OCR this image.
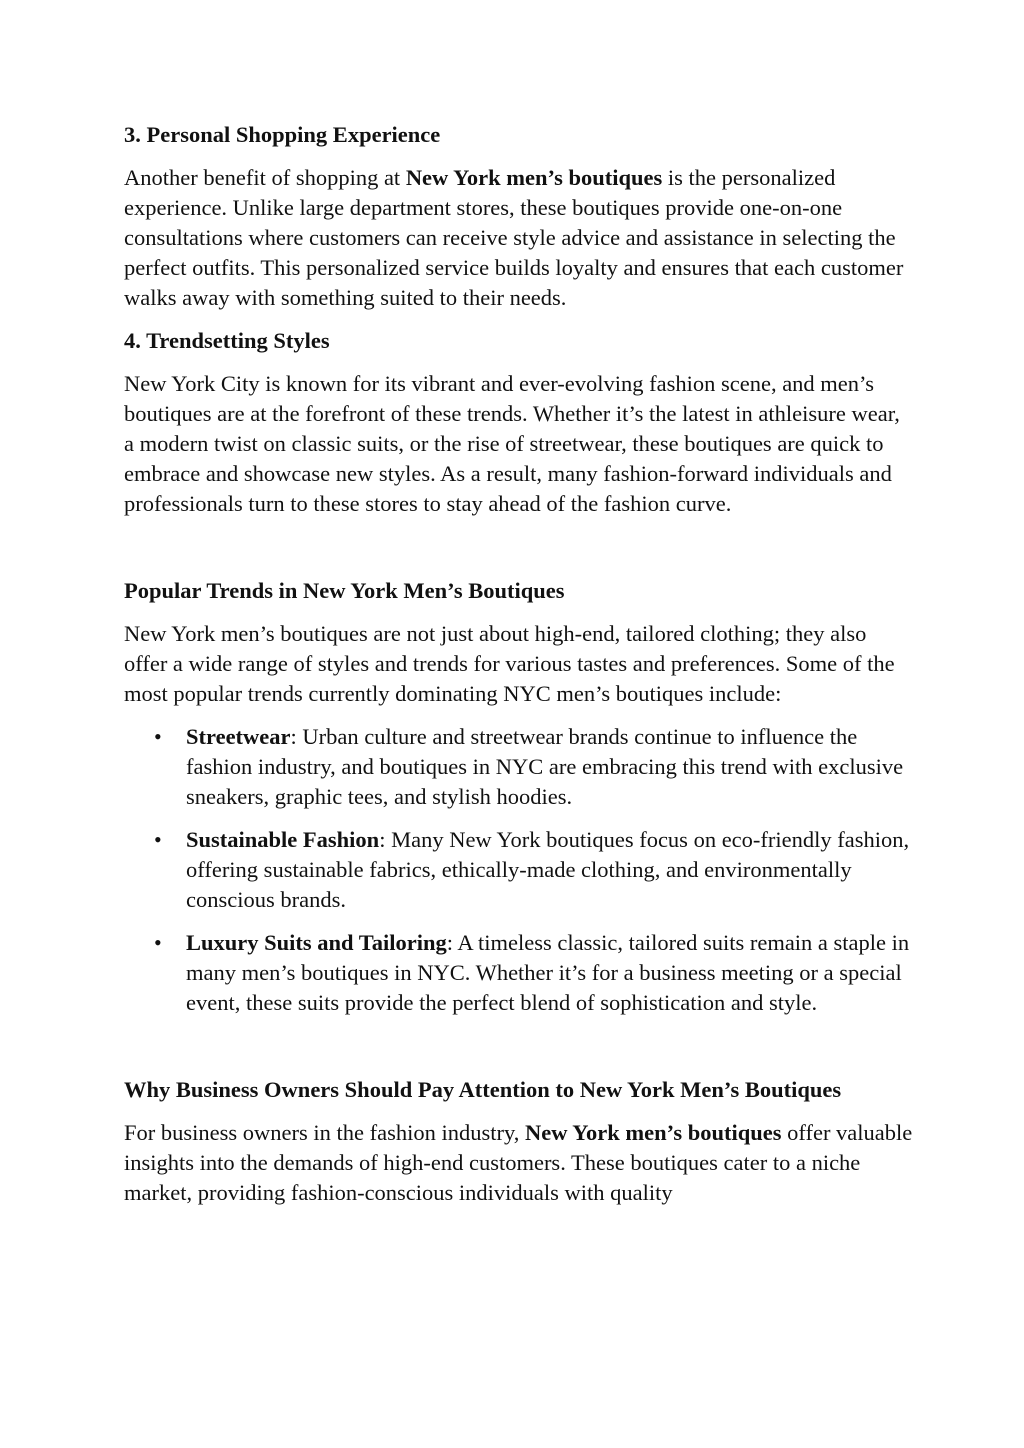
3. Personal Shopping Experience

Another benefit of shopping at New York men’s boutiques is the personalized experience. Unlike large department stores, these boutiques provide one-on-one consultations where customers can receive style advice and assistance in selecting the perfect outfits. This personalized service builds loyalty and ensures that each customer walks away with something suited to their needs.

4. Trendsetting Styles

New York City is known for its vibrant and ever-evolving fashion scene, and men’s boutiques are at the forefront of these trends. Whether it’s the latest in athleisure wear, a modern twist on classic suits, or the rise of streetwear, these boutiques are quick to embrace and showcase new styles. As a result, many fashion-forward individuals and professionals turn to these stores to stay ahead of the fashion curve.

Popular Trends in New York Men’s Boutiques

New York men’s boutiques are not just about high-end, tailored clothing; they also offer a wide range of styles and trends for various tastes and preferences. Some of the most popular trends currently dominating NYC men’s boutiques include:

• Streetwear: Urban culture and streetwear brands continue to influence the fashion industry, and boutiques in NYC are embracing this trend with exclusive sneakers, graphic tees, and stylish hoodies.
• Sustainable Fashion: Many New York boutiques focus on eco-friendly fashion, offering sustainable fabrics, ethically-made clothing, and environmentally conscious brands.
• Luxury Suits and Tailoring: A timeless classic, tailored suits remain a staple in many men’s boutiques in NYC. Whether it’s for a business meeting or a special event, these suits provide the perfect blend of sophistication and style.
Why Business Owners Should Pay Attention to New York Men’s Boutiques

For business owners in the fashion industry, New York men’s boutiques offer valuable insights into the demands of high-end customers. These boutiques cater to a niche market, providing fashion-conscious individuals with quality
